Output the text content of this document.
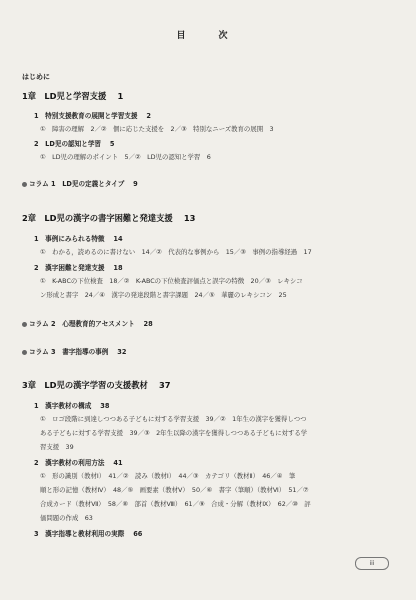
目　次
はじめに
1章　LD児と学習支援　 1
1　特別支援教育の展開と学習支援　 2
①　障害の理解　2／②　個に応じた支援を　2／③　特別なニーズ教育の展開　3
2　LD児の認知と学習　 5
①　LD児の理解のポイント　5／②　LD児の認知と学習　6
コラム 1　LD児の定義とタイプ　 9
2章　LD児の漢字の書字困難と発達支援　 13
1　事例にみられる特徴　 14
①　わかる，読めるのに書けない　14／②　代表的な事例から　15／③　事例の指導経過　17
2　漢字困難と発達支援　 18
①　K-ABCの下位検査　18／②　K-ABCの下位検査評価点と誤字の特徴　20／③　レキシコ
ン形成と書字　24／④　漢字の発達段階と書字課題　24／⑤　華麗のレキシコン　25
コラム 2　心理教育的アセスメント　 28
コラム 3　書字指導の事例　 32
3章　LD児の漢字学習の支援教材　 37
1　漢字教材の構成　 38
①　ロゴ段階に到達しつつある子どもに対する学習支援　39／②　1年生の漢字を獲得しつつ
ある子どもに対する学習支援　39／③　2年生以降の漢字を獲得しつつある子どもに対する学
習支援　39
2　漢字教材の利用方法　 41
①　形の識別（教材Ⅰ）　41／②　読み（教材Ⅰ）　44／③　カテゴリ（教材Ⅱ）　46／④　筆
順と形の記憶（教材Ⅳ）　48／⑤　画要素（教材Ⅴ）　50／⑥　書字（筆順）（教材Ⅵ）　51／⑦
合成カード（教材Ⅶ）　58／⑧　部首（教材Ⅷ）　61／⑨　合成・分解（教材Ⅸ）　62／⑩　評
価問題の作成　63
3　漢字指導と教材利用の実際　 66
iii
